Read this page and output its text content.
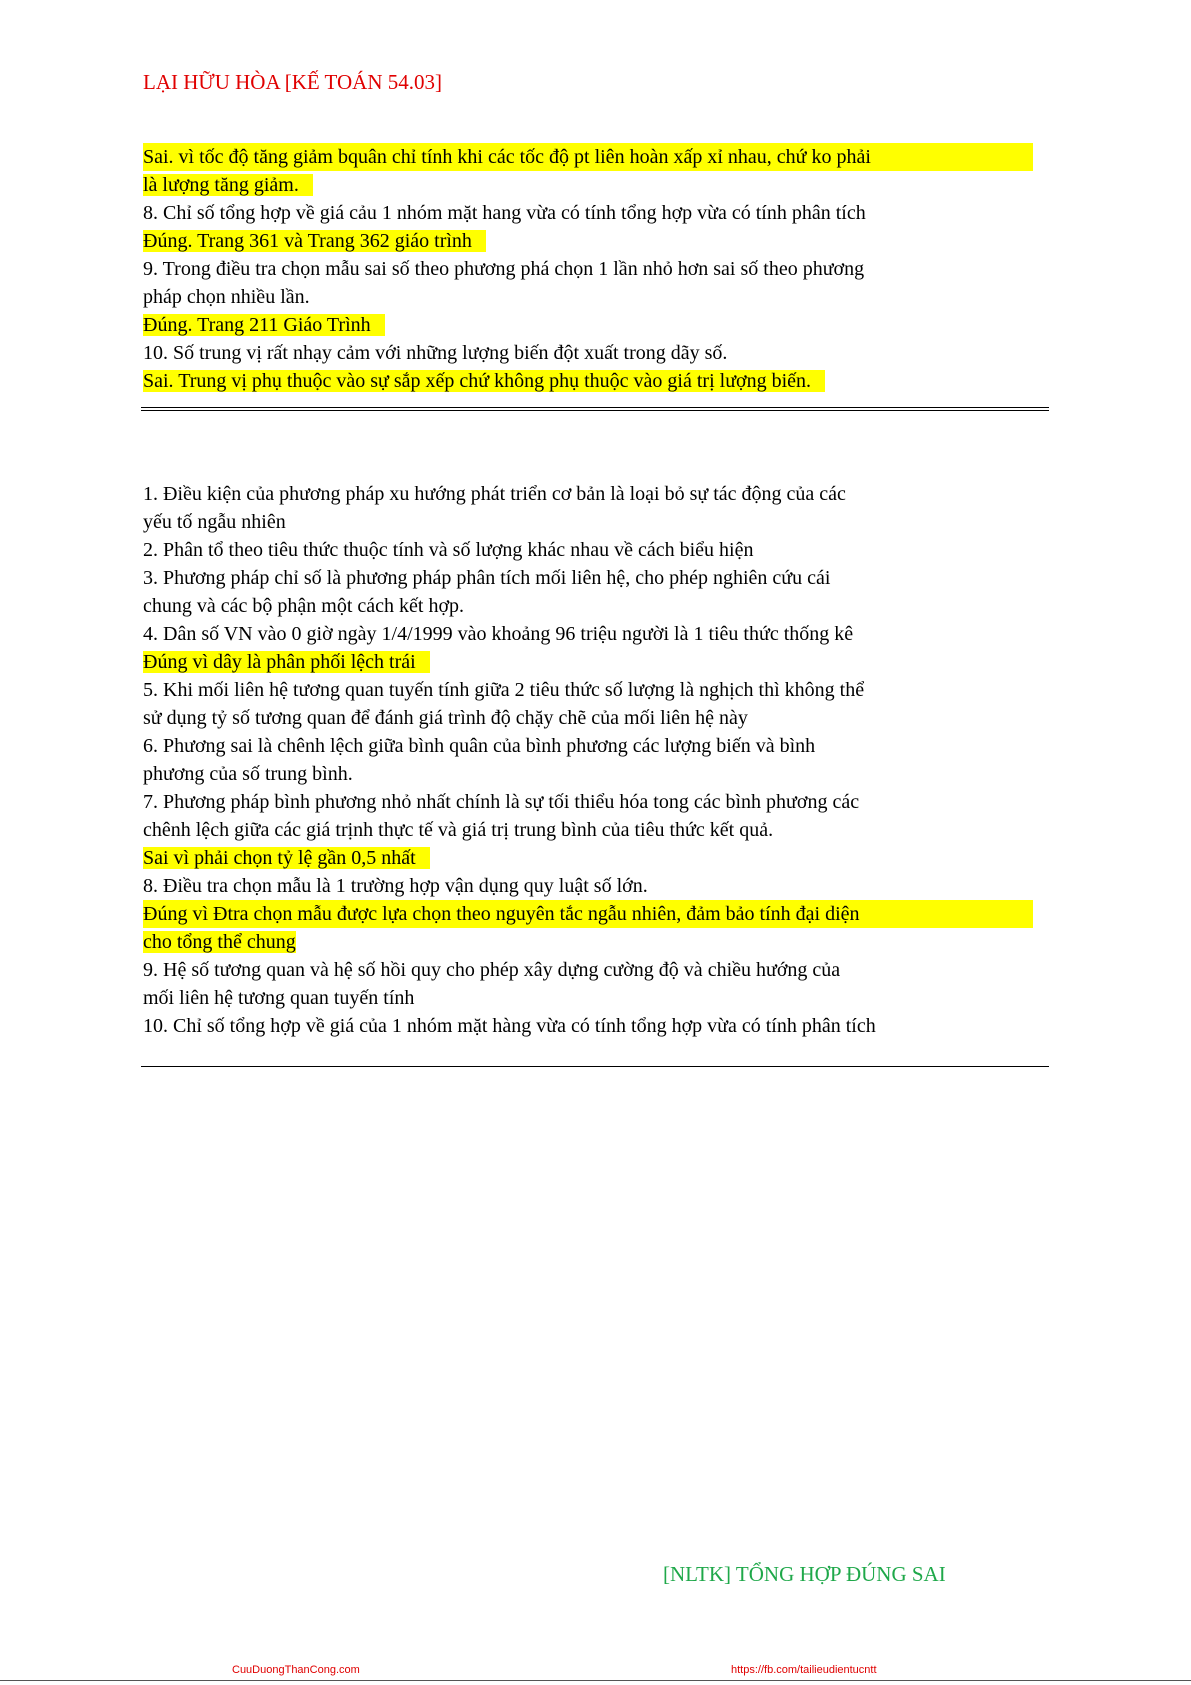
LẠI HỮU HÒA [KẾ TOÁN 54.03]
Sai. vì tốc độ tăng giảm bquân chỉ tính khi các tốc độ pt liên hoàn xấp xỉ nhau, chứ ko phải
là lượng tăng giảm.
8. Chỉ số tổng hợp về giá cảu 1 nhóm mặt hang vừa có tính tổng hợp vừa có tính phân tích
Đúng. Trang 361 và Trang 362 giáo trình
9. Trong điều tra chọn mẫu sai số theo phương phá chọn 1 lần nhỏ hơn sai số theo phương
pháp chọn nhiều lần.
Đúng. Trang 211 Giáo Trình
10. Số trung vị rất nhạy cảm với những lượng biến đột xuất trong dãy số.
Sai. Trung vị phụ thuộc vào sự sắp xếp chứ không phụ thuộc vào giá trị lượng biến.
1. Điều kiện của phương pháp xu hướng phát triển cơ bản là loại bỏ sự tác động của các
yếu tố ngẫu nhiên
2. Phân tổ theo tiêu thức thuộc tính và số lượng khác nhau về cách biểu hiện
3. Phương pháp chỉ số là phương pháp phân tích mối liên hệ, cho phép nghiên cứu cái
chung và các bộ phận một cách kết hợp.
4. Dân số VN vào 0 giờ ngày 1/4/1999 vào khoảng 96 triệu người là 1 tiêu thức thống kê
Đúng vì dây là phân phối lệch trái
5. Khi mối liên hệ tương quan tuyến tính giữa 2 tiêu thức số lượng là nghịch thì không thể
sử dụng tỷ số tương quan để đánh giá trình độ chặy chẽ của mối liên hệ này
6. Phương sai là chênh lệch giữa bình quân của bình phương các lượng biến và bình
phương của số trung bình.
7. Phương pháp bình phương nhỏ nhất chính là sự tối thiểu hóa tong các bình phương các
chênh lệch giữa các giá trịnh thực tế và giá trị trung bình của tiêu thức kết quả.
Sai vì phải chọn tỷ lệ gần 0,5 nhất
8. Điều tra chọn mẫu là 1 trường hợp vận dụng quy luật số lớn.
Đúng vì Đtra chọn mẫu được lựa chọn theo nguyên tắc ngẫu nhiên, đảm bảo tính đại diện
cho tổng thể chung
9. Hệ số tương quan và hệ số hồi quy cho phép xây dựng cường độ và chiều hướng của
mối liên hệ tương quan tuyến tính
10. Chỉ số tổng hợp về giá của 1 nhóm mặt hàng vừa có tính tổng hợp vừa có tính phân tích
[NLTK] TỔNG HỢP ĐÚNG SAI
CuuDuongThanCong.com	https://fb.com/tailieudientucntt
